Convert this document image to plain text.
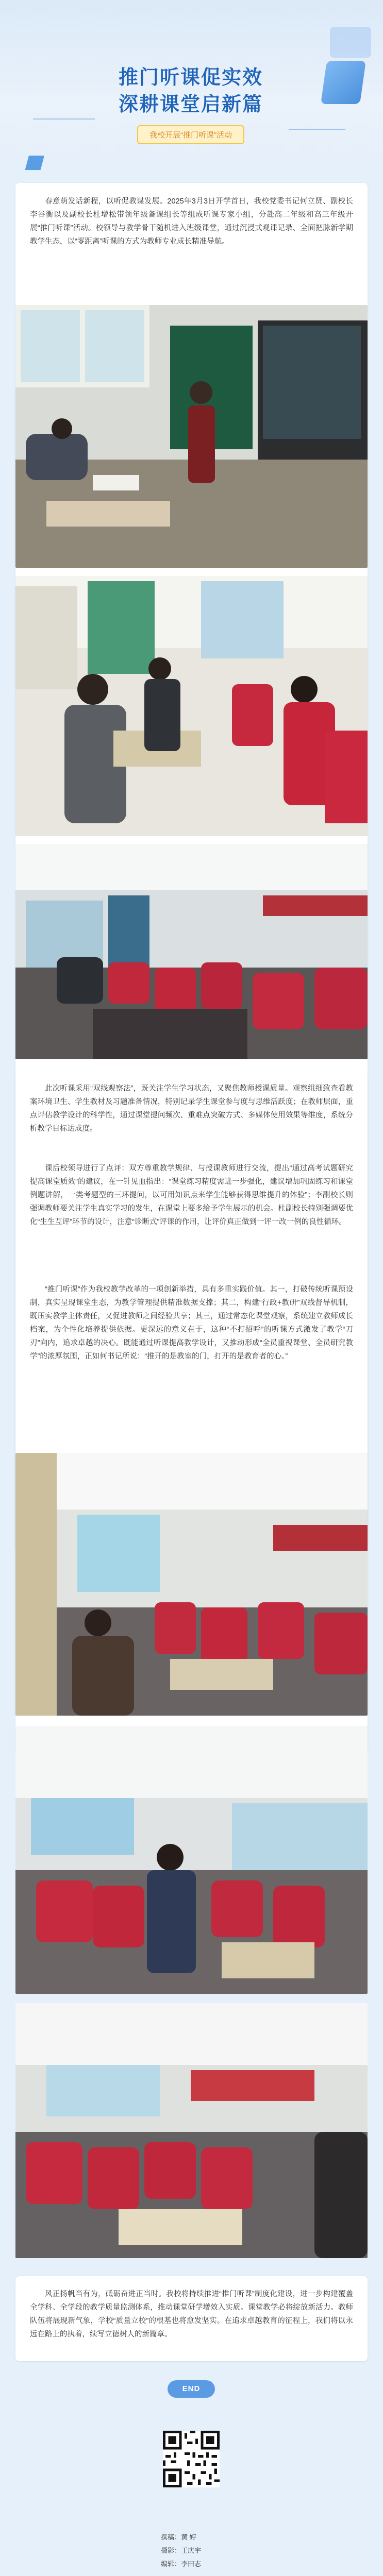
推门听课促实效
深耕课堂启新篇
我校开展“推门听课”活动

春意萌发话新程，以听促教谋发展。2025年3月3日开学首日，我校党委书记何立贤、副校长李谷衡以及副校长杜增松带领年级备课组长等组成听课专家小组，分赴高二年级和高三年级开展“推门听课”活动。校领导与教学骨干随机进入班级课堂，通过沉浸式观课记录、全面把脉新学期教学生态，以“零距离”听课的方式为教师专业成长精准导航。

此次听课采用“双线观察法”，既关注学生学习状态，又聚焦教师授课质量。观察组细致查看教案环境卫生、学生教材及习题准备情况，特别记录学生课堂参与度与思维活跃度；在教师层面，重点评估教学设计的科学性，通过课堂提问频次、重难点突破方式、多媒体使用效果等维度，系统分析教学目标达成度。

课后校领导进行了点评：双方尊重教学规律、与授课教师进行交流，提出“通过高考试题研究提高课堂质效”的建议，在一针见血指出：“课堂练习精度需进一步强化，建议增加巩固练习和课堂例题讲解，一类考题型的三环提问，以可用知识点来学生能够获得思维提升的体验”；李副校长则强调教师要关注学生真实学习的发生，在课堂上要多给予学生展示的机会。杜副校长特别强调要优化“生生互评”环节的设计，注意“诊断式”评课的作用，让评价真正做到一评一改一例的良性循环。

“推门听课”作为我校教学改革的一项创新举措，具有多重实践价值。其一，打破传统听课预设制，真实呈现课堂生态，为教学管理提供精准数据支撑；其二，构建“行政+教研”双线督导机制，既压实教学主体责任，又促进教师之间经验共享；其三，通过常态化课堂观察，系统建立教师成长档案，为个性化培养提供依据。更深远的意义在于，这种“不打招呼”的听课方式激发了教学“刀刃”向内，追求卓越的决心。既能通过听课提高教学设计，又推动形成“全员重视课堂、全员研究教学”的浓厚氛围，正如何书记所说：“推开的是教室的门，打开的是教育者的心。”

风正扬帆当有为，砥砺奋进正当时。我校将持续推进“推门听课”制度化建设，进一步构建覆盖全学科、全学段的教学质量监测体系，推动课堂研学增效入实质。课堂教学必将绽放新活力。教师队伍将展现新气象，学校“质量立校”的根基也将愈发坚实。在追求卓越教育的征程上，我们将以永远在路上的执着，续写立德树人的新篇章。

END
撰稿：黄 婷
摄影：王庆宇
编辑：李田志
